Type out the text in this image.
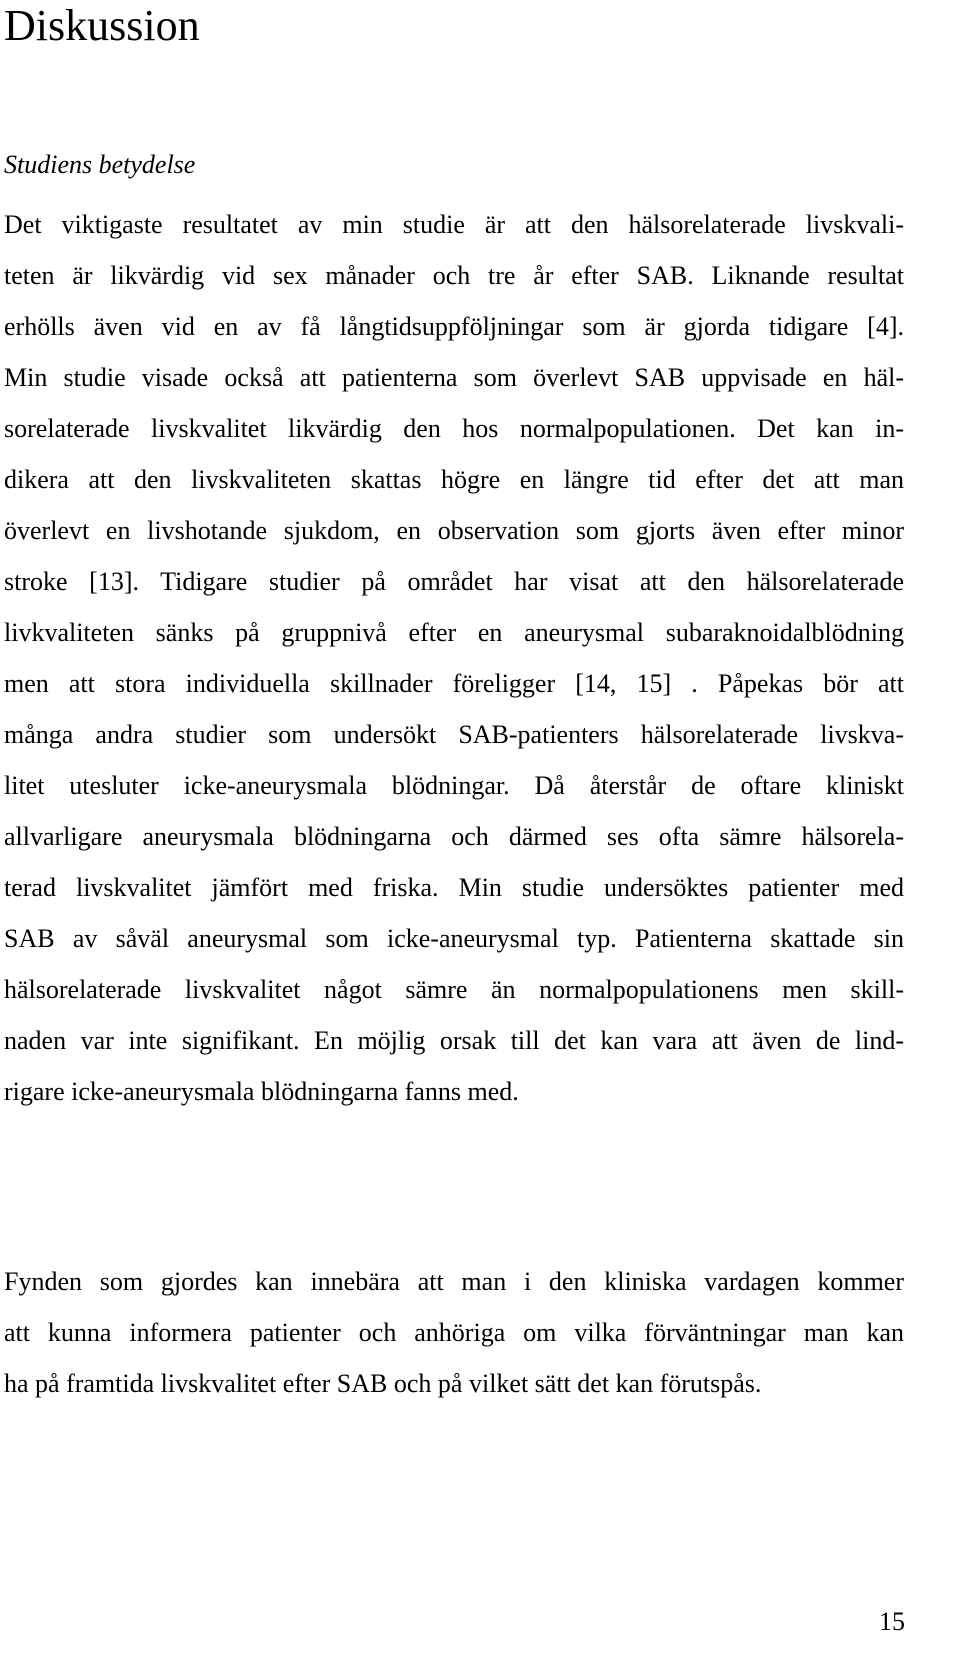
Diskussion
Studiens betydelse
Det viktigaste resultatet av min studie är att den hälsorelaterade livskvali-
teten är likvärdig vid sex månader och tre år efter SAB. Liknande resultat
erhölls även vid en av få långtidsuppföljningar som är gjorda tidigare [4].
Min studie visade också att patienterna som överlevt SAB uppvisade en häl-
sorelaterade livskvalitet likvärdig den hos normalpopulationen. Det kan in-
dikera att den livskvaliteten skattas högre en längre tid efter det att man
överlevt en livshotande sjukdom, en observation som gjorts även efter minor
stroke [13]. Tidigare studier på området har visat att den hälsorelaterade
livkvaliteten sänks på gruppnivå efter en aneurysmal subaraknoidalblödning
men att stora individuella skillnader föreligger [14, 15] . Påpekas bör att
många andra studier som undersökt SAB-patienters hälsorelaterade livskva-
litet utesluter icke-aneurysmala blödningar. Då återstår de oftare kliniskt
allvarligare aneurysmala blödningarna och därmed ses ofta sämre hälsorela-
terad livskvalitet jämfört med friska. Min studie undersöktes patienter med
SAB av såväl aneurysmal som icke-aneurysmal typ. Patienterna skattade sin
hälsorelaterade livskvalitet något sämre än normalpopulationens men skill-
naden var inte signifikant. En möjlig orsak till det kan vara att även de lind-
rigare icke-aneurysmala blödningarna fanns med.
Fynden som gjordes kan innebära att man i den kliniska vardagen kommer
att kunna informera patienter och anhöriga om vilka förväntningar man kan
ha på framtida livskvalitet efter SAB och på vilket sätt det kan förutspås.
15
